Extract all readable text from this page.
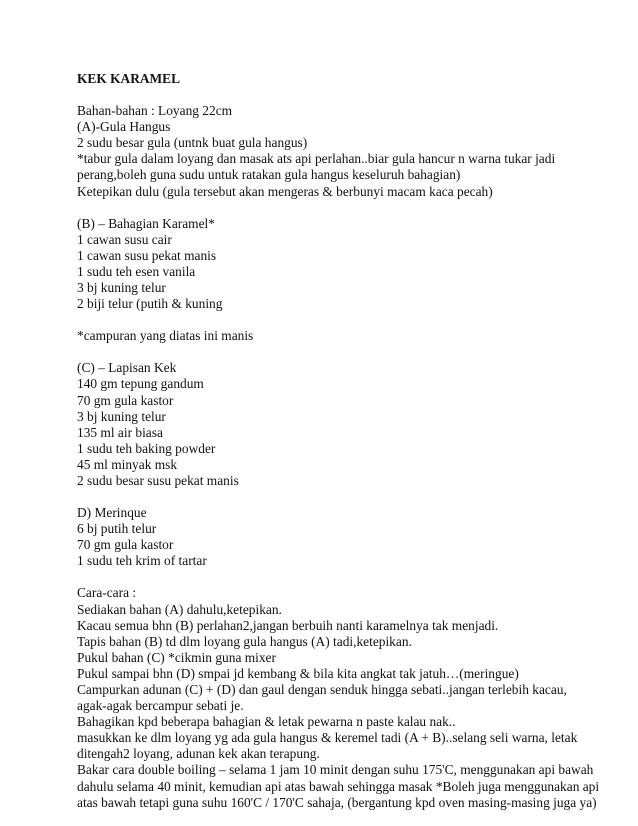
KEK KARAMEL
Bahan-bahan : Loyang 22cm
(A)-Gula Hangus
2 sudu besar gula (untnk buat gula hangus)
*tabur gula dalam loyang dan masak ats api perlahan..biar gula hancur n warna tukar jadi
perang,boleh guna sudu untuk ratakan gula hangus keseluruh bahagian)
Ketepikan dulu (gula tersebut akan mengeras & berbunyi macam kaca pecah)
(B) – Bahagian Karamel*
1 cawan susu cair
1 cawan susu pekat manis
1 sudu teh esen vanila
3 bj kuning telur
2 biji telur (putih & kuning
*campuran yang diatas ini manis
(C) – Lapisan Kek
140 gm tepung gandum
70 gm gula kastor
3 bj kuning telur
135 ml air biasa
1 sudu teh baking powder
45 ml minyak msk
2 sudu besar susu pekat manis
D) Merinque
6 bj putih telur
70 gm gula kastor
1 sudu teh krim of tartar
Cara-cara :
Sediakan bahan (A) dahulu,ketepikan.
Kacau semua bhn (B) perlahan2,jangan berbuih nanti karamelnya tak menjadi.
Tapis bahan (B) td dlm loyang gula hangus (A) tadi,ketepikan.
Pukul bahan (C) *cikmin guna mixer
Pukul sampai bhn (D) smpai jd kembang & bila kita angkat tak jatuh…(meringue)
Campurkan adunan (C) + (D) dan gaul dengan senduk hingga sebati..jangan terlebih kacau,
agak-agak bercampur sebati je.
Bahagikan kpd beberapa bahagian & letak pewarna n paste kalau nak..
masukkan ke dlm loyang yg ada gula hangus & keremel tadi (A + B)..selang seli warna, letak
ditengah2 loyang, adunan kek akan terapung.
Bakar cara double boiling – selama 1 jam 10 minit dengan suhu 175'C, menggunakan api bawah
dahulu selama 40 minit, kemudian api atas bawah sehingga masak *Boleh juga menggunakan api
atas bawah tetapi guna suhu 160'C / 170'C sahaja, (bergantung kpd oven masing-masing juga ya)
